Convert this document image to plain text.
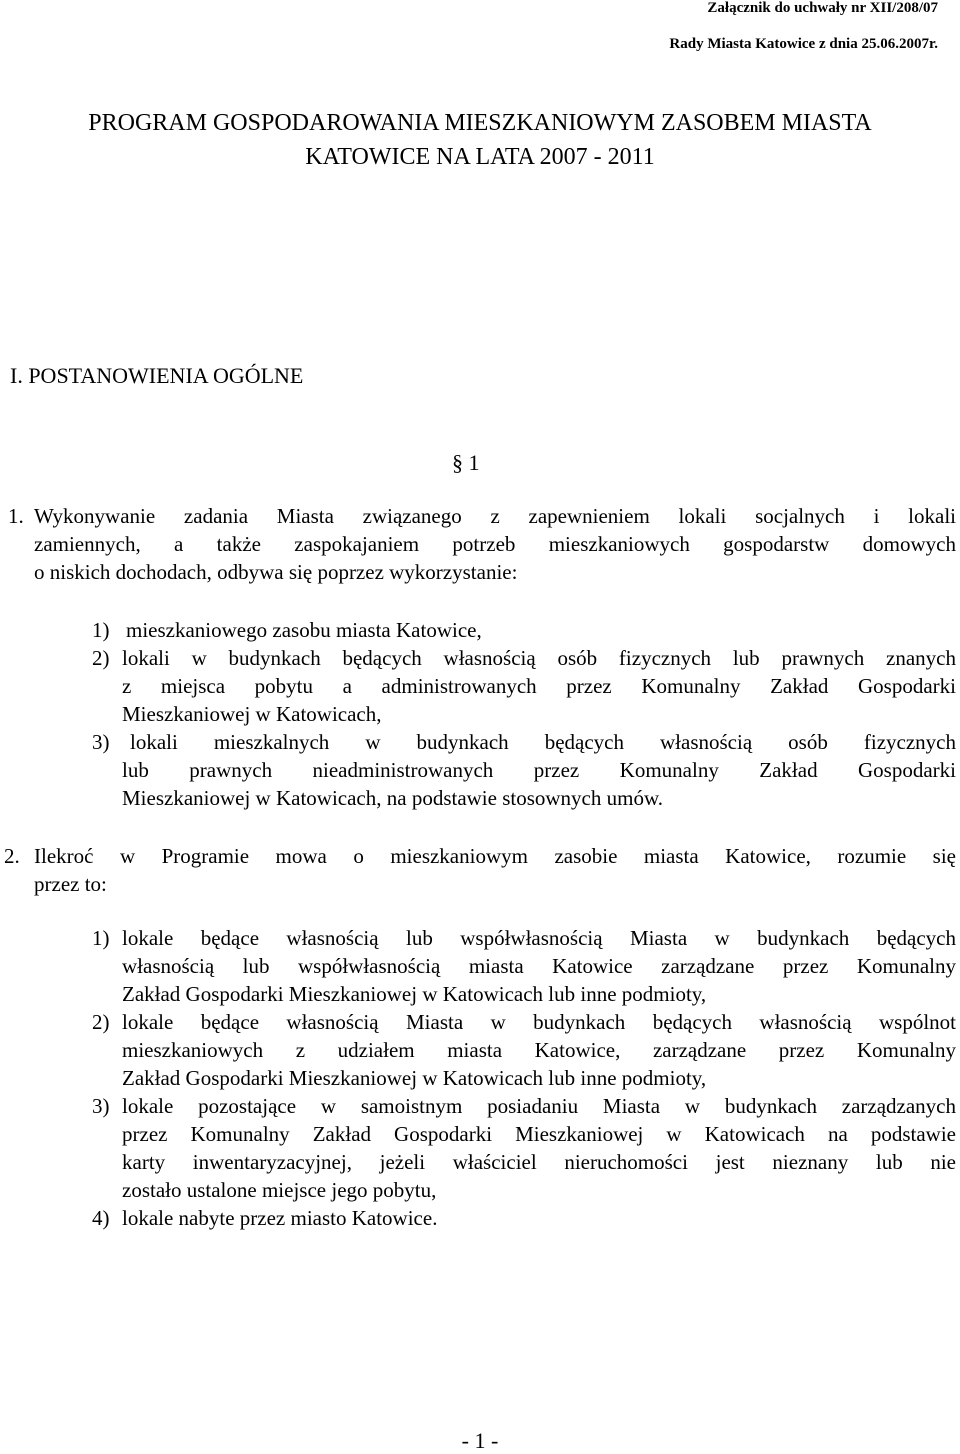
Załącznik do uchwały nr XII/208/07
Rady Miasta Katowice z dnia 25.06.2007r.
PROGRAM GOSPODAROWANIA MIESZKANIOWYM ZASOBEM MIASTA
KATOWICE NA LATA 2007 - 2011
I. POSTANOWIENIA OGÓLNE
§ 1
1. Wykonywanie zadania Miasta związanego z zapewnieniem lokali socjalnych i lokali
zamiennych, a także zaspokajaniem potrzeb mieszkaniowych gospodarstw domowych
o niskich dochodach, odbywa się poprzez wykorzystanie:
1) mieszkaniowego zasobu miasta Katowice,
2) lokali w budynkach będących własnością osób fizycznych lub prawnych znanych
z miejsca pobytu a administrowanych przez Komunalny Zakład Gospodarki
Mieszkaniowej w Katowicach,
3) lokali mieszkalnych w budynkach będących własnością osób fizycznych
lub prawnych nieadministrowanych przez Komunalny Zakład Gospodarki
Mieszkaniowej w Katowicach, na podstawie stosownych umów.
2. Ilekroć w Programie mowa o mieszkaniowym zasobie miasta Katowice, rozumie się
przez to:
1) lokale będące własnością lub współwłasnością Miasta w budynkach będących
własnością lub współwłasnością miasta Katowice zarządzane przez Komunalny
Zakład Gospodarki Mieszkaniowej w Katowicach lub inne podmioty,
2) lokale będące własnością Miasta w budynkach będących własnością wspólnot
mieszkaniowych z udziałem miasta Katowice, zarządzane przez Komunalny
Zakład Gospodarki Mieszkaniowej w Katowicach lub inne podmioty,
3) lokale pozostające w samoistnym posiadaniu Miasta w budynkach zarządzanych
przez Komunalny Zakład Gospodarki Mieszkaniowej w Katowicach na podstawie
karty inwentaryzacyjnej, jeżeli właściciel nieruchomości jest nieznany lub nie
zostało ustalone miejsce jego pobytu,
4) lokale nabyte przez miasto Katowice.
- 1 -
